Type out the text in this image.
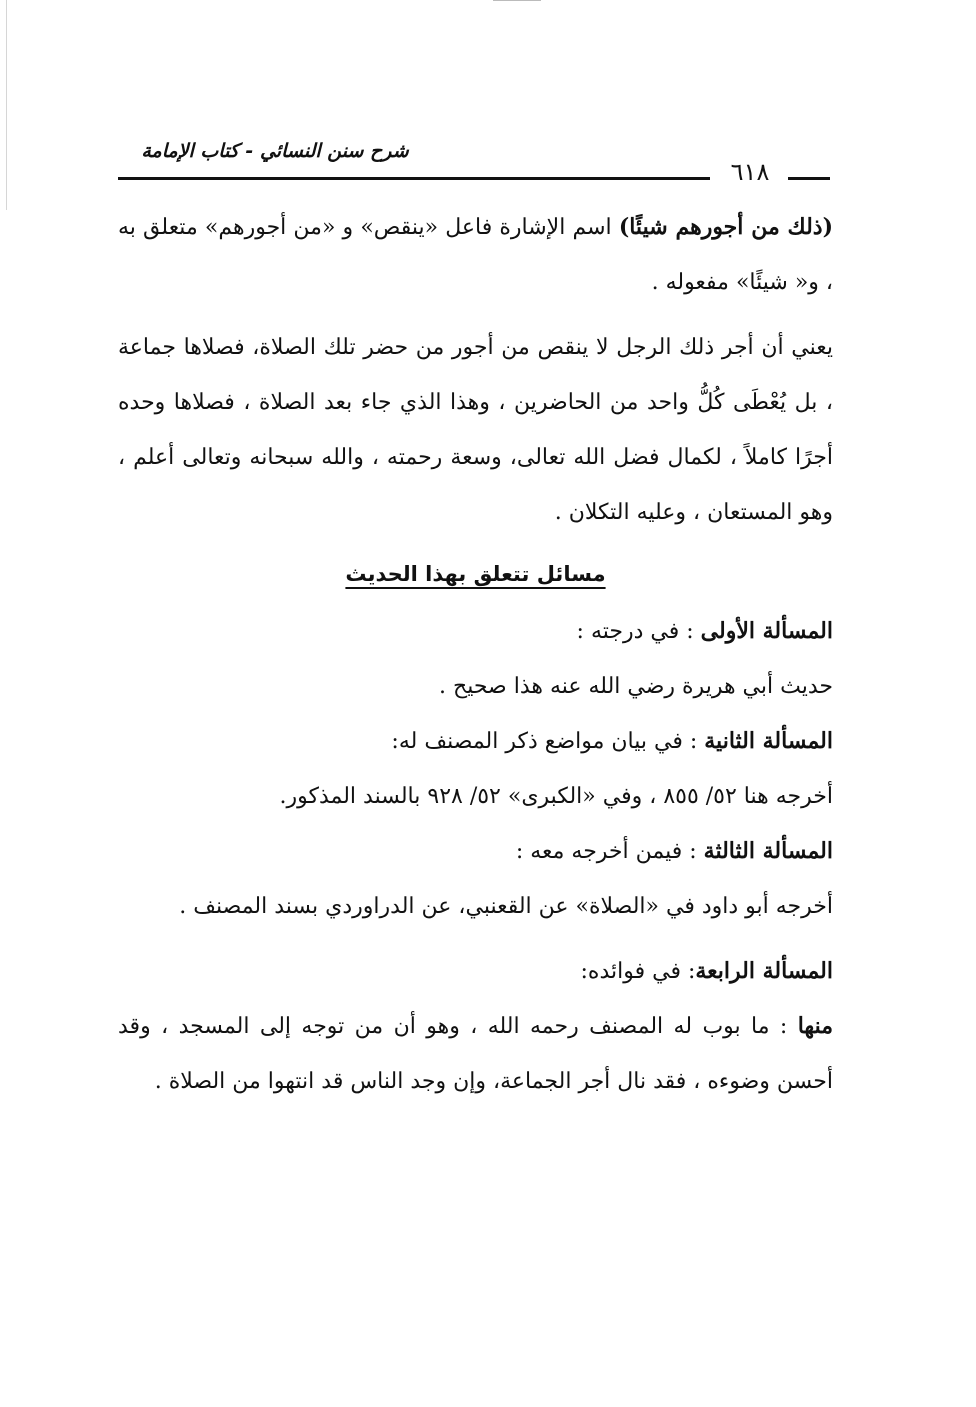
شرح سنن النسائي - كتاب الإمامة
٦١٨

(ذلك من أجورهم شيئًا) اسم الإشارة فاعل «ينقص» و «من أجورهم» متعلق به ، و« شيئًا» مفعوله .

يعني أن أجر ذلك الرجل لا ينقص من أجور من حضر تلك الصلاة، فصلاها جماعة ، بل يُعْطَى كُلُّ واحد من الحاضرين ، وهذا الذي جاء بعد الصلاة ، فصلاها وحده أجرًا كاملاً ، لكمال فضل الله تعالى، وسعة رحمته ، والله سبحانه وتعالى أعلم ، وهو المستعان ، وعليه التكلان .

مسائل تتعلق بهذا الحديث

المسألة الأولى : في درجته :

حديث أبي هريرة رضي الله عنه هذا صحيح .

المسألة الثانية : في بيان مواضع ذكر المصنف له:

أخرجه هنا ٥٢/ ٨٥٥ ، وفي «الكبرى» ٥٢/ ٩٢٨ بالسند المذكور.

المسألة الثالثة : فيمن أخرجه معه :

أخرجه أبو داود في «الصلاة» عن القعنبي، عن الدراوردي بسند المصنف .

المسألة الرابعة: في فوائده:

منها : ما بوب له المصنف رحمه الله ، وهو أن من توجه إلى المسجد ، وقد أحسن وضوءه ، فقد نال أجر الجماعة، وإن وجد الناس قد انتهوا من الصلاة .
